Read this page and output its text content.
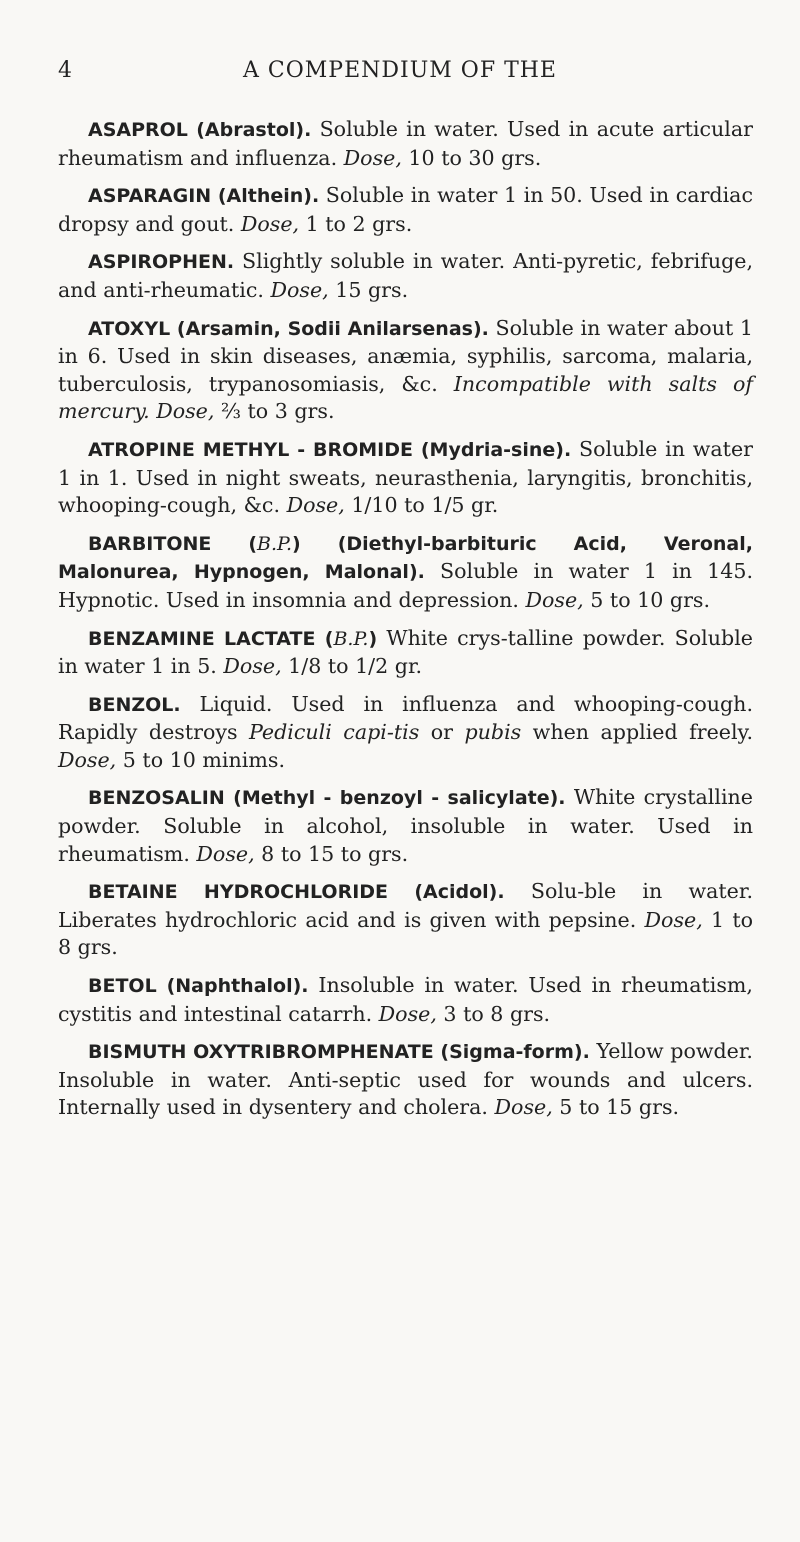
4	A COMPENDIUM OF THE

ASAPROL (Abrastol). Soluble in water. Used in acute articular rheumatism and influenza. Dose, 10 to 30 grs.

ASPARAGIN (Althein). Soluble in water 1 in 50. Used in cardiac dropsy and gout. Dose, 1 to 2 grs.

ASPIROPHEN. Slightly soluble in water. Anti-pyretic, febrifuge, and anti-rheumatic. Dose, 15 grs.

ATOXYL (Arsamin, Sodii Anilarsenas). Soluble in water about 1 in 6. Used in skin diseases, anæmia, syphilis, sarcoma, malaria, tuberculosis, trypanosomiasis, &c. Incompatible with salts of mercury. Dose, ⅔ to 3 grs.

ATROPINE METHYL - BROMIDE (Mydria-sine). Soluble in water 1 in 1. Used in night sweats, neurasthenia, laryngitis, bronchitis, whooping-cough, &c. Dose, 1/10 to 1/5 gr.

BARBITONE (B.P.) (Diethyl-barbituric Acid, Veronal, Malonurea, Hypnogen, Malonal). Soluble in water 1 in 145. Hypnotic. Used in insomnia and depression. Dose, 5 to 10 grs.

BENZAMINE LACTATE (B.P.) White crys-talline powder. Soluble in water 1 in 5. Dose, 1/8 to 1/2 gr.

BENZOL. Liquid. Used in influenza and whooping-cough. Rapidly destroys Pediculi capi-tis or pubis when applied freely. Dose, 5 to 10 minims.

BENZOSALIN (Methyl - benzoyl - salicylate). White crystalline powder. Soluble in alcohol, insoluble in water. Used in rheumatism. Dose, 8 to 15 to grs.

BETAINE HYDROCHLORIDE (Acidol). Solu-ble in water. Liberates hydrochloric acid and is given with pepsine. Dose, 1 to 8 grs.

BETOL (Naphthalol). Insoluble in water. Used in rheumatism, cystitis and intestinal catarrh. Dose, 3 to 8 grs.

BISMUTH OXYTRIBROMPHENATE (Sigma-form). Yellow powder. Insoluble in water. Anti-septic used for wounds and ulcers. Internally used in dysentery and cholera. Dose, 5 to 15 grs.
